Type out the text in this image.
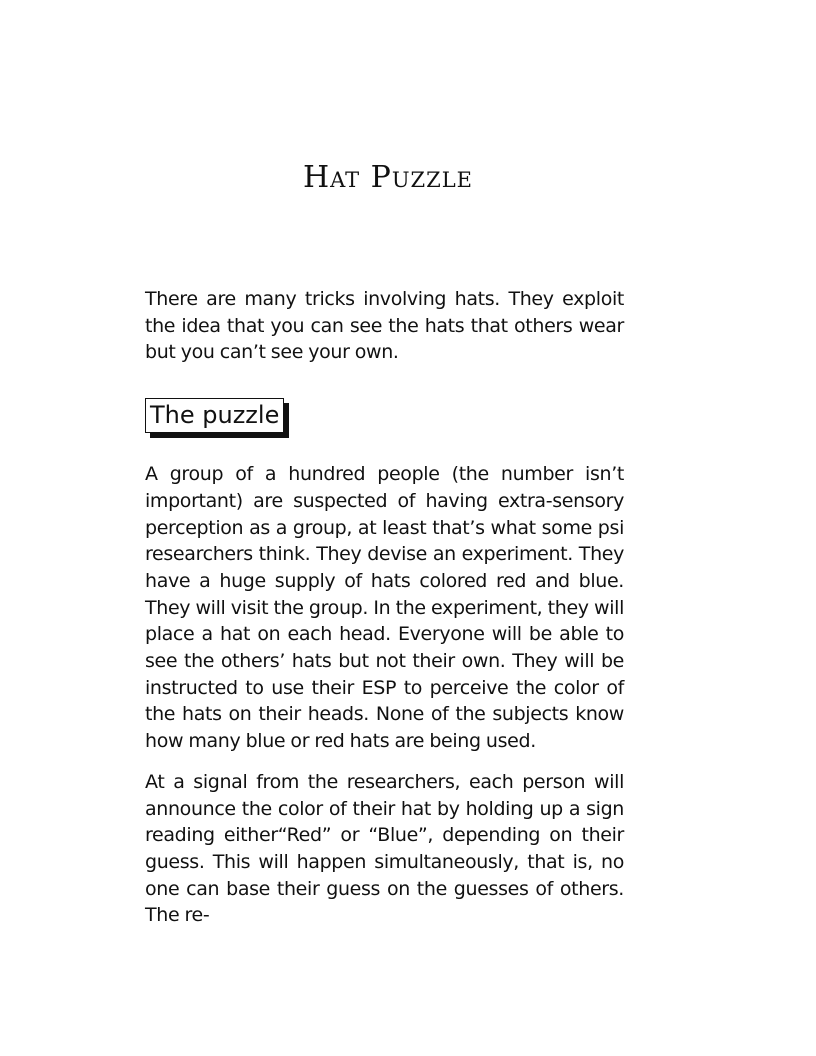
Hat Puzzle

There are many tricks involving hats. They exploit the idea that you can see the hats that others wear but you can’t see your own.

The puzzle

A group of a hundred people (the number isn’t important) are suspected of having extra-sensory perception as a group, at least that’s what some psi researchers think. They devise an experiment. They have a huge supply of hats colored red and blue. They will visit the group. In the experiment, they will place a hat on each head. Everyone will be able to see the others’ hats but not their own. They will be instructed to use their ESP to perceive the color of the hats on their heads. None of the subjects know how many blue or red hats are being used.

At a signal from the researchers, each person will announce the color of their hat by holding up a sign reading either“Red” or “Blue”, depending on their guess. This will happen simultaneously, that is, no one can base their guess on the guesses of others. The re-
